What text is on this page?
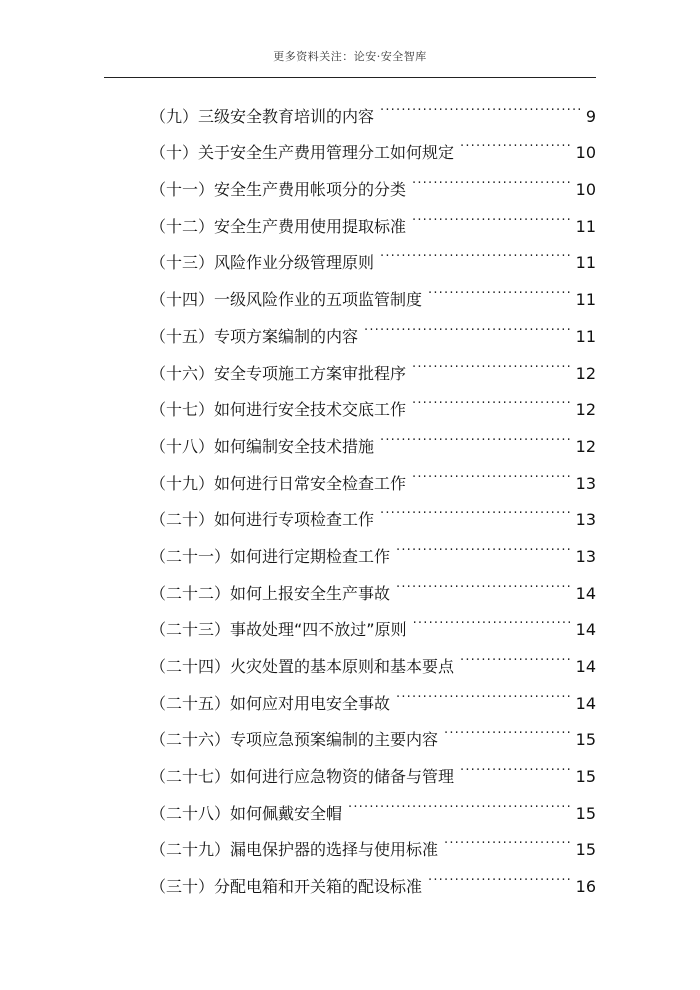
更多资料关注：论安·安全智库
（九）三级安全教育培训的内容 .....	9
（十）关于安全生产费用管理分工如何规定 .....	10
（十一）安全生产费用帐项分的分类 .....	10
（十二）安全生产费用使用提取标准 .....	11
（十三）风险作业分级管理原则 .....	11
（十四）一级风险作业的五项监管制度 .....	11
（十五）专项方案编制的内容 .....	11
（十六）安全专项施工方案审批程序 .....	12
（十七）如何进行安全技术交底工作 .....	12
（十八）如何编制安全技术措施 .....	12
（十九）如何进行日常安全检查工作 .....	13
（二十）如何进行专项检查工作 .....	13
（二十一）如何进行定期检查工作 .....	13
（二十二）如何上报安全生产事故 .....	14
（二十三）事故处理“四不放过”原则 .....	14
（二十四）火灾处置的基本原则和基本要点 .....	14
（二十五）如何应对用电安全事故 .....	14
（二十六）专项应急预案编制的主要内容 .....	15
（二十七）如何进行应急物资的储备与管理 .....	15
（二十八）如何佩戴安全帽 .....	15
（二十九）漏电保护器的选择与使用标准 .....	15
（三十）分配电箱和开关箱的配设标准 .....	16
